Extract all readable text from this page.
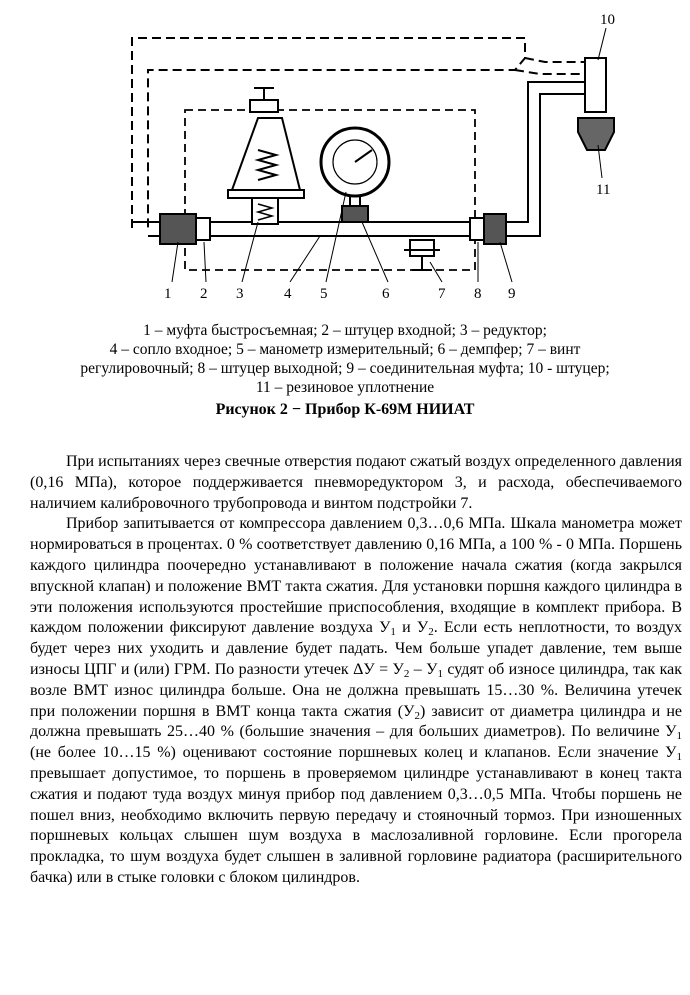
1 2 3	4 5	6	7 8 9
10
11
1 – муфта быстросъемная; 2 – штуцер входной; 3 – редуктор;
4 – сопло входное; 5 – манометр измерительный; 6 – демпфер; 7 – винт
регулировочный; 8 – штуцер выходной; 9 – соединительная муфта; 10 - штуцер;
11 – резиновое уплотнение
Рисунок 2 − Прибор К-69М НИИАТ

При испытаниях через свечные отверстия подают сжатый воздух определенного давления (0,16 МПа), которое поддерживается пневморедуктором 3, и расхода, обеспечиваемого наличием калибровочного трубопровода и винтом подстройки 7.

Прибор запитывается от компрессора давлением 0,3…0,6 МПа. Шкала манометра может нормироваться в процентах. 0 % соответствует давлению 0,16 МПа, а 100 % - 0 МПа. Поршень каждого цилиндра поочередно устанавливают в положение начала сжатия (когда закрылся впускной клапан) и положение ВМТ такта сжатия. Для установки поршня каждого цилиндра в эти положения используются простейшие приспособления, входящие в комплект прибора. В каждом положении фиксируют давление воздуха $У_1$ и $У_2$. Если есть неплотности, то воздух будет через них уходить и давление будет падать. Чем больше упадет давление, тем выше износы ЦПГ и (или) ГРМ. По разности утечек $\Delta У = У_2 - У_1$ судят об износе цилиндра, так как возле ВМТ износ цилиндра больше. Она не должна превышать 15…30 %. Величина утечек при положении поршня в ВМТ конца такта сжатия $(У_2)$ зависит от диаметра цилиндра и не должна превышать 25…40 % (большие значения – для больших диаметров). По величине $У_1$ (не более 10…15 %) оценивают состояние поршневых колец и клапанов. Если значение $У_1$ превышает допустимое, то поршень в проверяемом цилиндре устанавливают в конец такта сжатия и подают туда воздух минуя прибор под давлением 0,3…0,5 МПа. Чтобы поршень не пошел вниз, необходимо включить первую передачу и стояночный тормоз. При изношенных поршневых кольцах слышен шум воздуха в маслозаливной горловине. Если прогорела прокладка, то шум воздуха будет слышен в заливной горловине радиатора (расширительного бачка) или в стыке головки с блоком цилиндров.
